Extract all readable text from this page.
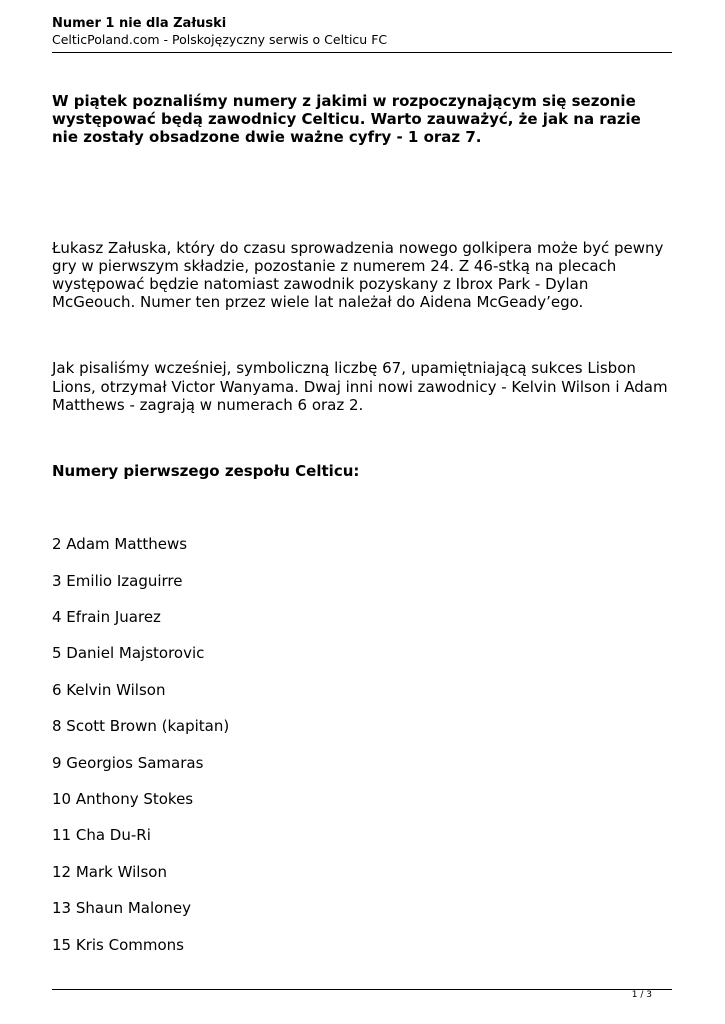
Numer 1 nie dla Załuski
CelticPoland.com - Polskojęzyczny serwis o Celticu FC

W piątek poznaliśmy numery z jakimi w rozpoczynającym się sezonie występować będą zawodnicy Celticu. Warto zauważyć, że jak na razie nie zostały obsadzone dwie ważne cyfry - 1 oraz 7.

Łukasz Załuska, który do czasu sprowadzenia nowego golkipera może być pewny gry w pierwszym składzie, pozostanie z numerem 24. Z 46-stką na plecach występować będzie natomiast zawodnik pozyskany z Ibrox Park - Dylan McGeouch. Numer ten przez wiele lat należał do Aidena McGeady’ego.

Jak pisaliśmy wcześniej, symboliczną liczbę 67, upamiętniającą sukces Lisbon Lions, otrzymał Victor Wanyama. Dwaj inni nowi zawodnicy - Kelvin Wilson i Adam Matthews - zagrają w numerach 6 oraz 2.

Numery pierwszego zespołu Celticu:

2 Adam Matthews
3 Emilio Izaguirre
4 Efrain Juarez
5 Daniel Majstorovic
6 Kelvin Wilson
8 Scott Brown (kapitan)
9 Georgios Samaras
10 Anthony Stokes
11 Cha Du-Ri
12 Mark Wilson
13 Shaun Maloney
15 Kris Commons
1 / 3
